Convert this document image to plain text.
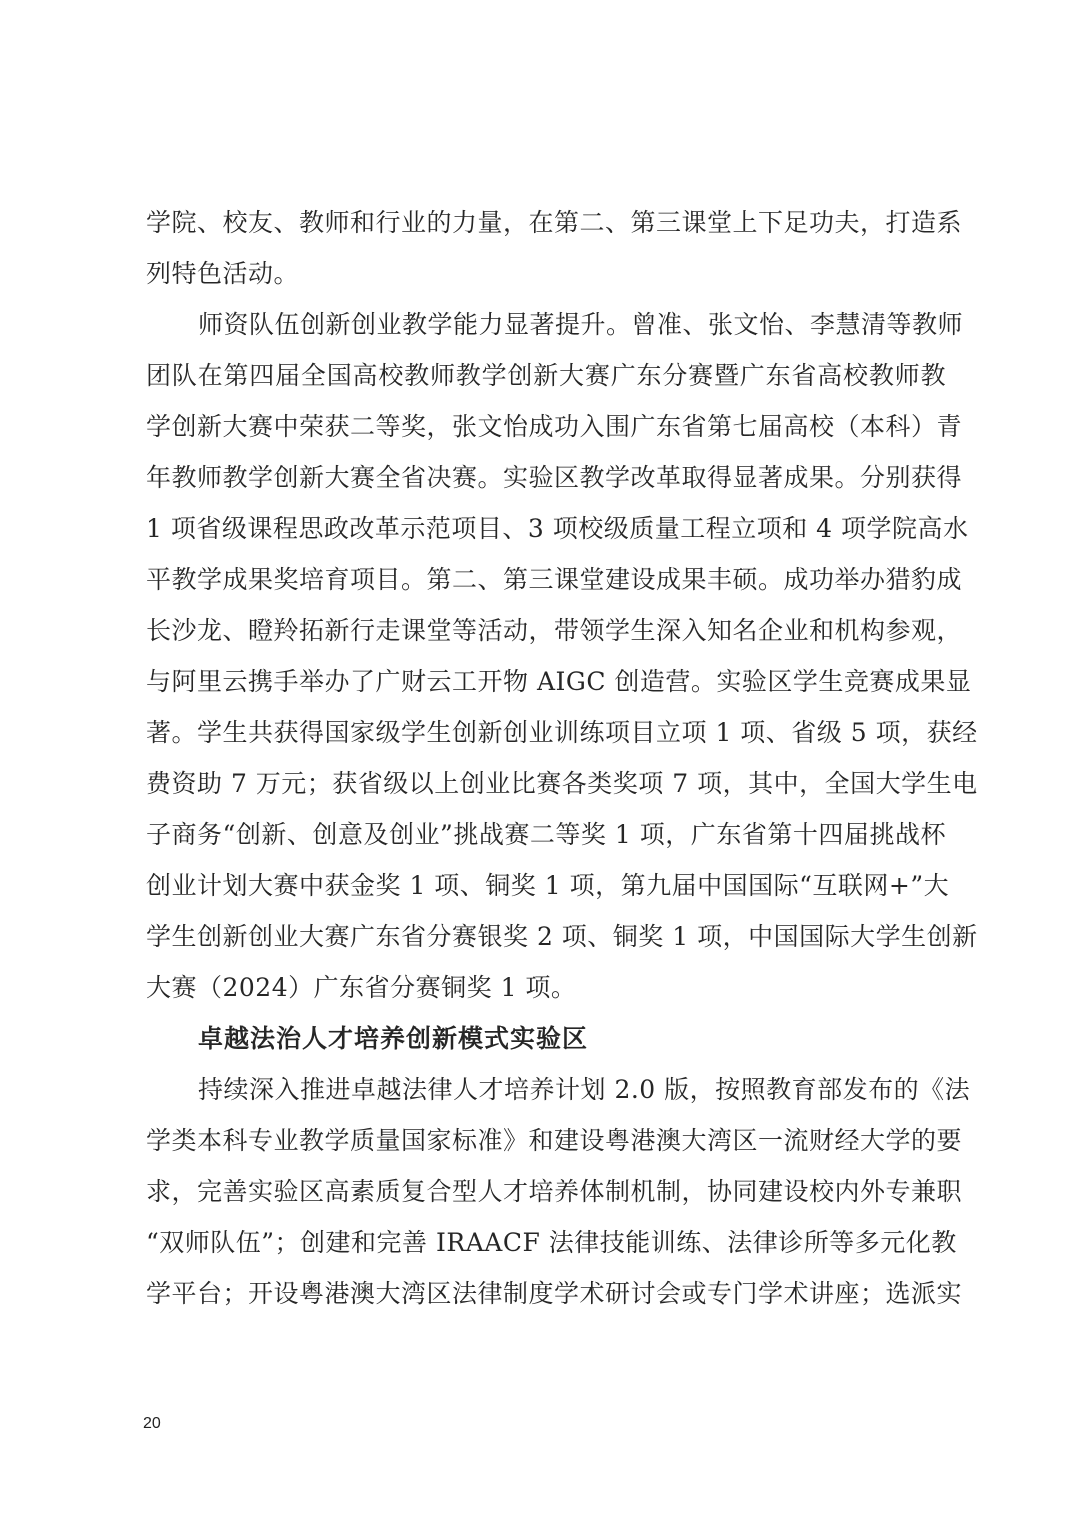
学院、校友、教师和行业的力量，在第二、第三课堂上下足功夫，打造系
列特色活动。
师资队伍创新创业教学能力显著提升。曾准、张文怡、李慧清等教师
团队在第四届全国高校教师教学创新大赛广东分赛暨广东省高校教师教
学创新大赛中荣获二等奖，张文怡成功入围广东省第七届高校（本科）青
年教师教学创新大赛全省决赛。实验区教学改革取得显著成果。分别获得
1 项省级课程思政改革示范项目、3 项校级质量工程立项和 4 项学院高水
平教学成果奖培育项目。第二、第三课堂建设成果丰硕。成功举办猎豹成
长沙龙、瞪羚拓新行走课堂等活动，带领学生深入知名企业和机构参观，
与阿里云携手举办了广财云工开物 AIGC 创造营。实验区学生竞赛成果显
著。学生共获得国家级学生创新创业训练项目立项 1 项、省级 5 项，获经
费资助 7 万元；获省级以上创业比赛各类奖项 7 项，其中，全国大学生电
子商务“创新、创意及创业”挑战赛二等奖 1 项，广东省第十四届挑战杯
创业计划大赛中获金奖 1 项、铜奖 1 项，第九届中国国际“互联网+”大
学生创新创业大赛广东省分赛银奖 2 项、铜奖 1 项，中国国际大学生创新
大赛（2024）广东省分赛铜奖 1 项。
卓越法治人才培养创新模式实验区
持续深入推进卓越法律人才培养计划 2.0 版，按照教育部发布的《法
学类本科专业教学质量国家标准》和建设粤港澳大湾区一流财经大学的要
求，完善实验区高素质复合型人才培养体制机制，协同建设校内外专兼职
“双师队伍”；创建和完善 IRAACF 法律技能训练、法律诊所等多元化教
学平台；开设粤港澳大湾区法律制度学术研讨会或专门学术讲座；选派实
20
